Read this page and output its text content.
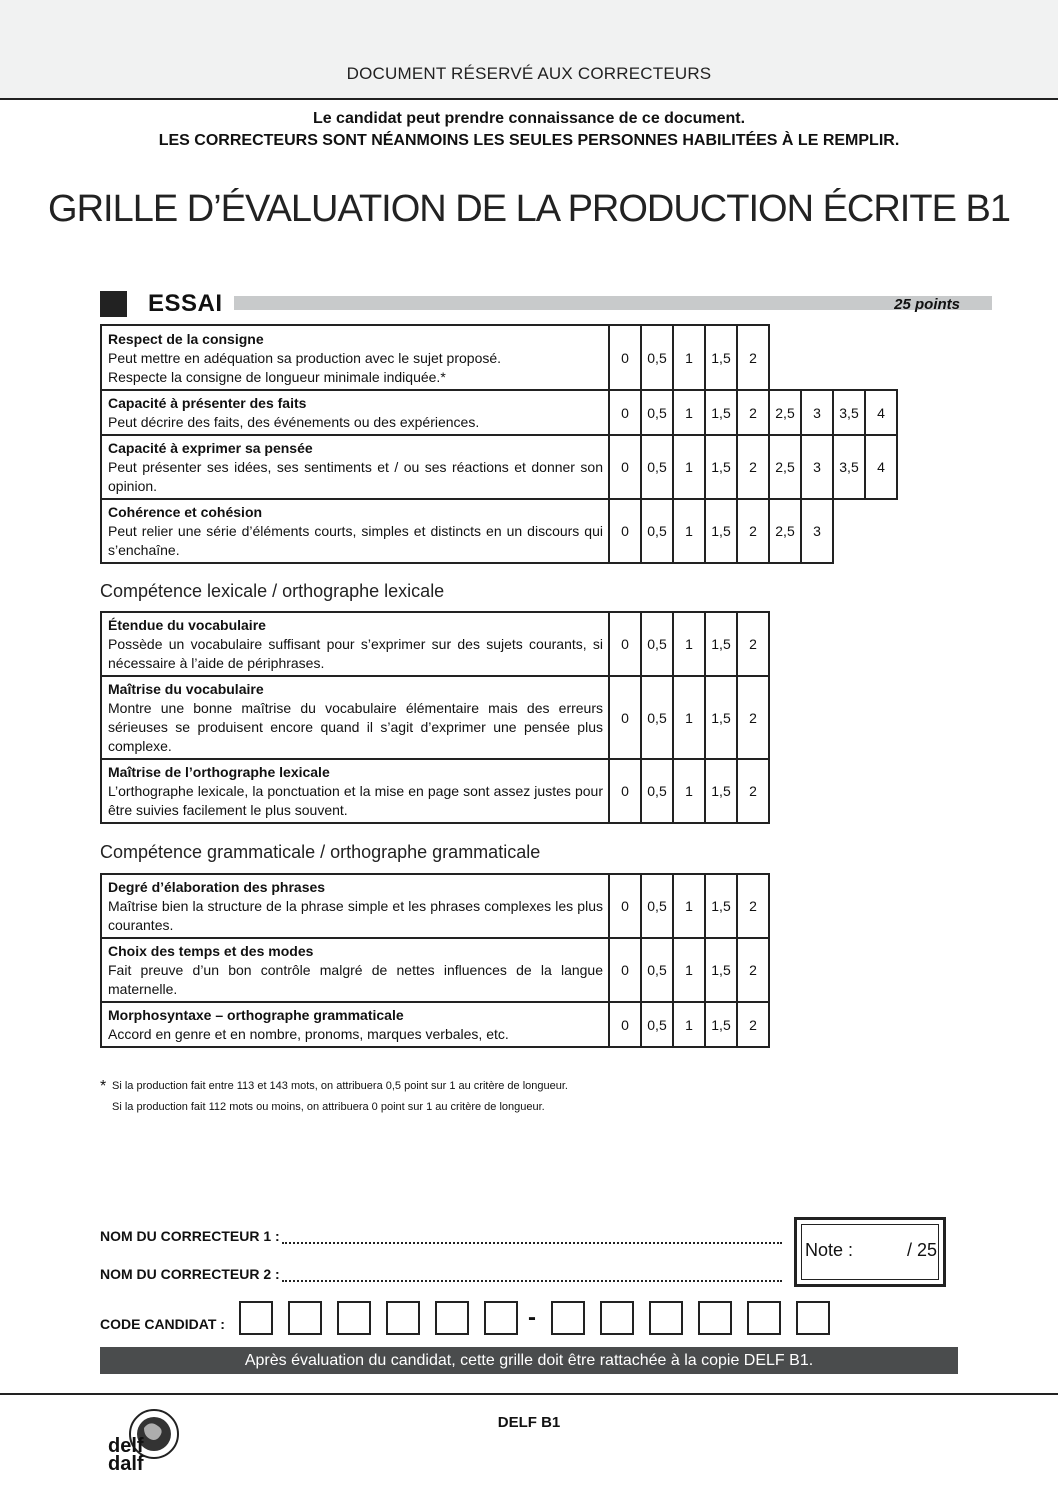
DOCUMENT RÉSERVÉ AUX CORRECTEURS
Le candidat peut prendre connaissance de ce document.
LES CORRECTEURS SONT NÉANMOINS LES SEULES PERSONNES HABILITÉES À LE REMPLIR.
GRILLE D’ÉVALUATION DE LA PRODUCTION ÉCRITE B1
ESSAI	25 points
Respect de la consigne
Peut mettre en adéquation sa production avec le sujet proposé.
Respecte la consigne de longueur minimale indiquée.*	0	0,5	1	1,5	2				

Capacité à présenter des faits
Peut décrire des faits, des événements ou des expériences.	0	0,5	1	1,5	2	2,5	3	3,5	4

Capacité à exprimer sa pensée
Peut présenter ses idées, ses sentiments et / ou ses réactions et donner son opinion.	0	0,5	1	1,5	2	2,5	3	3,5	4

Cohérence et cohésion
Peut relier une série d’éléments courts, simples et distincts en un discours qui s’enchaîne.	0	0,5	1	1,5	2	2,5	3		
Compétence lexicale / orthographe lexicale
Étendue du vocabulaire
Possède un vocabulaire suffisant pour s’exprimer sur des sujets courants, si nécessaire à l’aide de périphrases.	0	0,5	1	1,5	2				

Maîtrise du vocabulaire
Montre une bonne maîtrise du vocabulaire élémentaire mais des erreurs sérieuses se produisent encore quand il s’agit d’exprimer une pensée plus complexe.	0	0,5	1	1,5	2				

Maîtrise de l’orthographe lexicale
L’orthographe lexicale, la ponctuation et la mise en page sont assez justes pour être suivies facilement le plus souvent.	0	0,5	1	1,5	2				
Compétence grammaticale / orthographe grammaticale
Degré d’élaboration des phrases
Maîtrise bien la structure de la phrase simple et les phrases complexes les plus courantes.	0	0,5	1	1,5	2				

Choix des temps et des modes
Fait preuve d’un bon contrôle malgré de nettes influences de la langue maternelle.	0	0,5	1	1,5	2				

Morphosyntaxe – orthographe grammaticale
Accord en genre et en nombre, pronoms, marques verbales, etc.	0	0,5	1	1,5	2				
* Si la production fait entre 113 et 143 mots, on attribuera 0,5 point sur 1 au critère de longueur.
Si la production fait 112 mots ou moins, on attribuera 0 point sur 1 au critère de longueur.
NOM DU CORRECTEUR 1 :
NOM DU CORRECTEUR 2 :
Note :	/ 25
CODE CANDIDAT :	-
Après évaluation du candidat, cette grille doit être rattachée à la copie DELF B1.
DELF B1
delf
dalf
